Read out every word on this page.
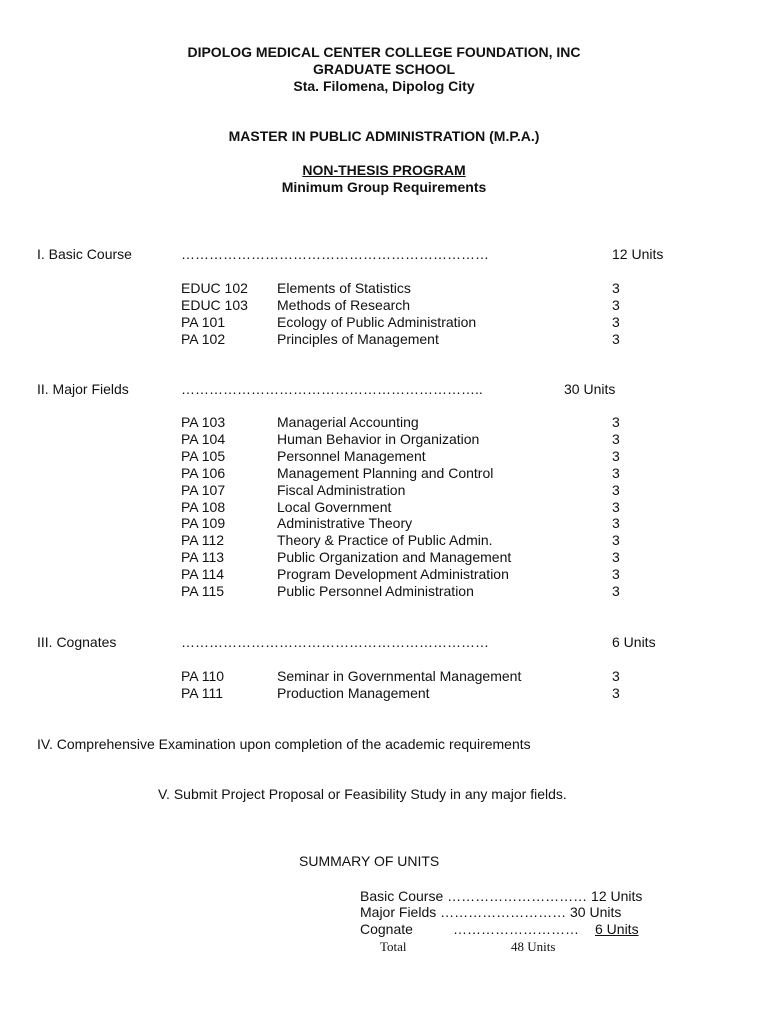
DIPOLOG MEDICAL CENTER COLLEGE FOUNDATION, INC
GRADUATE SCHOOL
Sta. Filomena, Dipolog City
MASTER IN PUBLIC ADMINISTRATION (M.P.A.)
NON-THESIS PROGRAM
Minimum Group Requirements
I. Basic Course	…………………………………………………………	12 Units
EDUC 102 Elements of Statistics	3
EDUC 103 Methods of Research	3
PA 101	Ecology of Public Administration	3
PA 102	Principles of Management	3
II. Major Fields	………………………………………………………..	30 Units
PA 103	Managerial Accounting	3
PA 104	Human Behavior in Organization	3
PA 105	Personnel Management	3
PA 106	Management Planning and Control	3
PA 107	Fiscal Administration	3
PA 108	Local Government	3
PA 109	Administrative Theory	3
PA 112	Theory & Practice of Public Admin.	3
PA 113	Public Organization and Management	3
PA 114	Program Development Administration	3
PA 115	Public Personnel Administration	3
III. Cognates	…………………………………………………………	6 Units
PA 110	Seminar in Governmental Management	3
PA 111	Production Management	3
IV. Comprehensive Examination upon completion of the academic requirements
V. Submit Project Proposal or Feasibility Study in any major fields.
SUMMARY OF UNITS
Basic Course ………………………… 12 Units
Major Fields ……………………… 30 Units
Cognate	……………………… 6 Units
Total	48 Units
